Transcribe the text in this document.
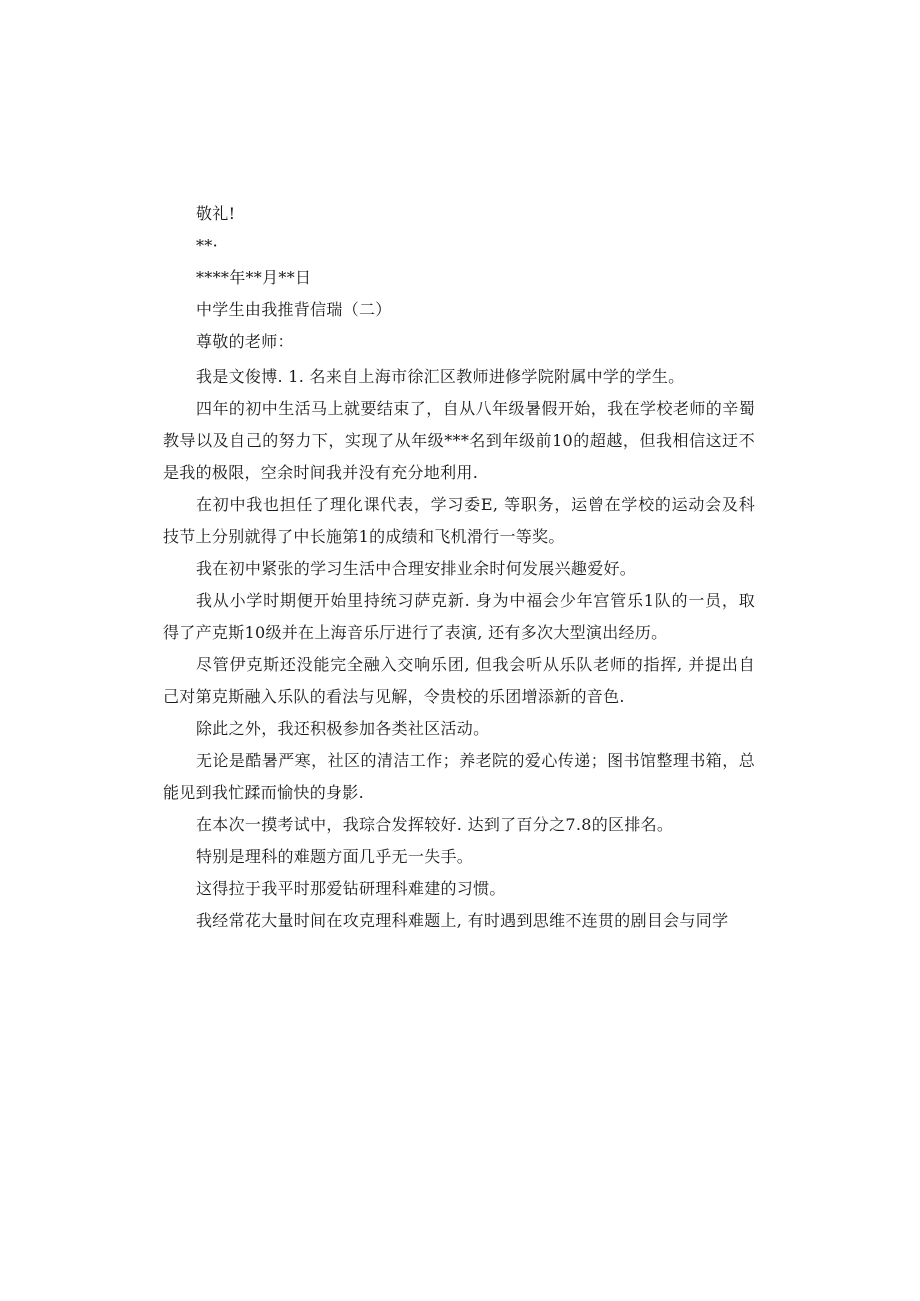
敬礼!

**·

****年**月**日

中学生由我推背信瑞（二）

尊敬的老师：

我是文俊博. 1. 名来自上海市徐汇区教师进修学院附属中学的学生。

四年的初中生活马上就要结束了，自从八年级暑假开始，我在学校老师的辛蜀教导以及自己的努力下，实现了从年级***名到年级前10的超越，但我相信这迂不是我的极限，空余时间我并没有充分地利用.

在初中我也担任了理化课代表，学习委E, 等职务，运曾在学校的运动会及科技节上分别就得了中长施第1的成绩和飞机滑行一等奖。

我在初中紧张的学习生活中合理安排业余时何发展兴趣爱好。

我从小学时期便开始里持统习萨克新. 身为中福会少年宫管乐1队的一员，取得了产克斯10级并在上海音乐厅进行了表演, 还有多次大型演出经历。

尽管伊克斯还没能完全融入交响乐团, 但我会听从乐队老师的指挥, 并提出自己对第克斯融入乐队的看法与见解，令贵校的乐团增添新的音色.

除此之外，我还积极参加各类社区活动。

无论是酷暑严寒，社区的清洁工作；养老院的爱心传递；图书馆整理书箱，总能见到我忙蹂而愉快的身影.

在本次一摸考试中，我琮合发挥较好. 达到了百分之7.8的区排名。

特别是理科的难题方面几乎无一失手。

这得拉于我平时那爱钻研理科难建的习惯。

我经常花大量时间在攻克理科难题上, 有时遇到思维不连贯的剧目会与同学
